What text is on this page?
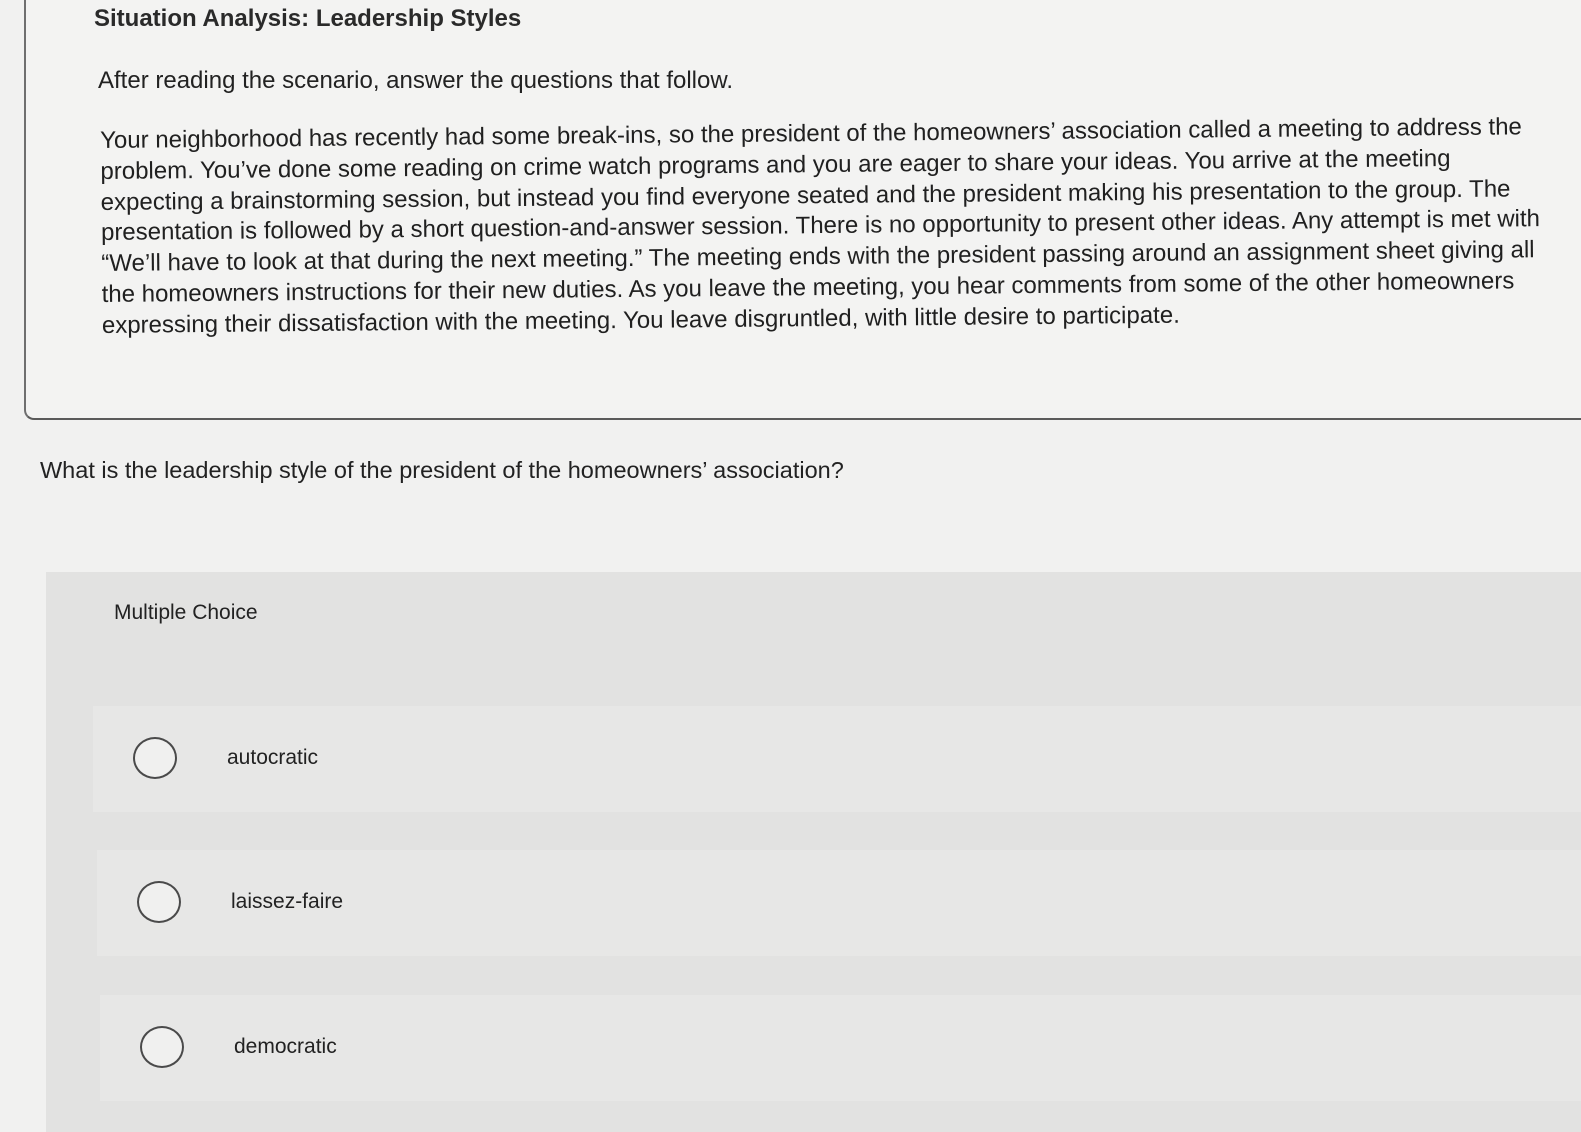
Situation Analysis: Leadership Styles

After reading the scenario, answer the questions that follow.

Your neighborhood has recently had some break-ins, so the president of the homeowners’ association called a meeting to address the problem. You’ve done some reading on crime watch programs and you are eager to share your ideas. You arrive at the meeting expecting a brainstorming session, but instead you find everyone seated and the president making his presentation to the group. The presentation is followed by a short question-and-answer session. There is no opportunity to present other ideas. Any attempt is met with “We’ll have to look at that during the next meeting.” The meeting ends with the president passing around an assignment sheet giving all the homeowners instructions for their new duties. As you leave the meeting, you hear comments from some of the other homeowners expressing their dissatisfaction with the meeting. You leave disgruntled, with little desire to participate.

What is the leadership style of the president of the homeowners’ association?

Multiple Choice

autocratic
laissez-faire
democratic
